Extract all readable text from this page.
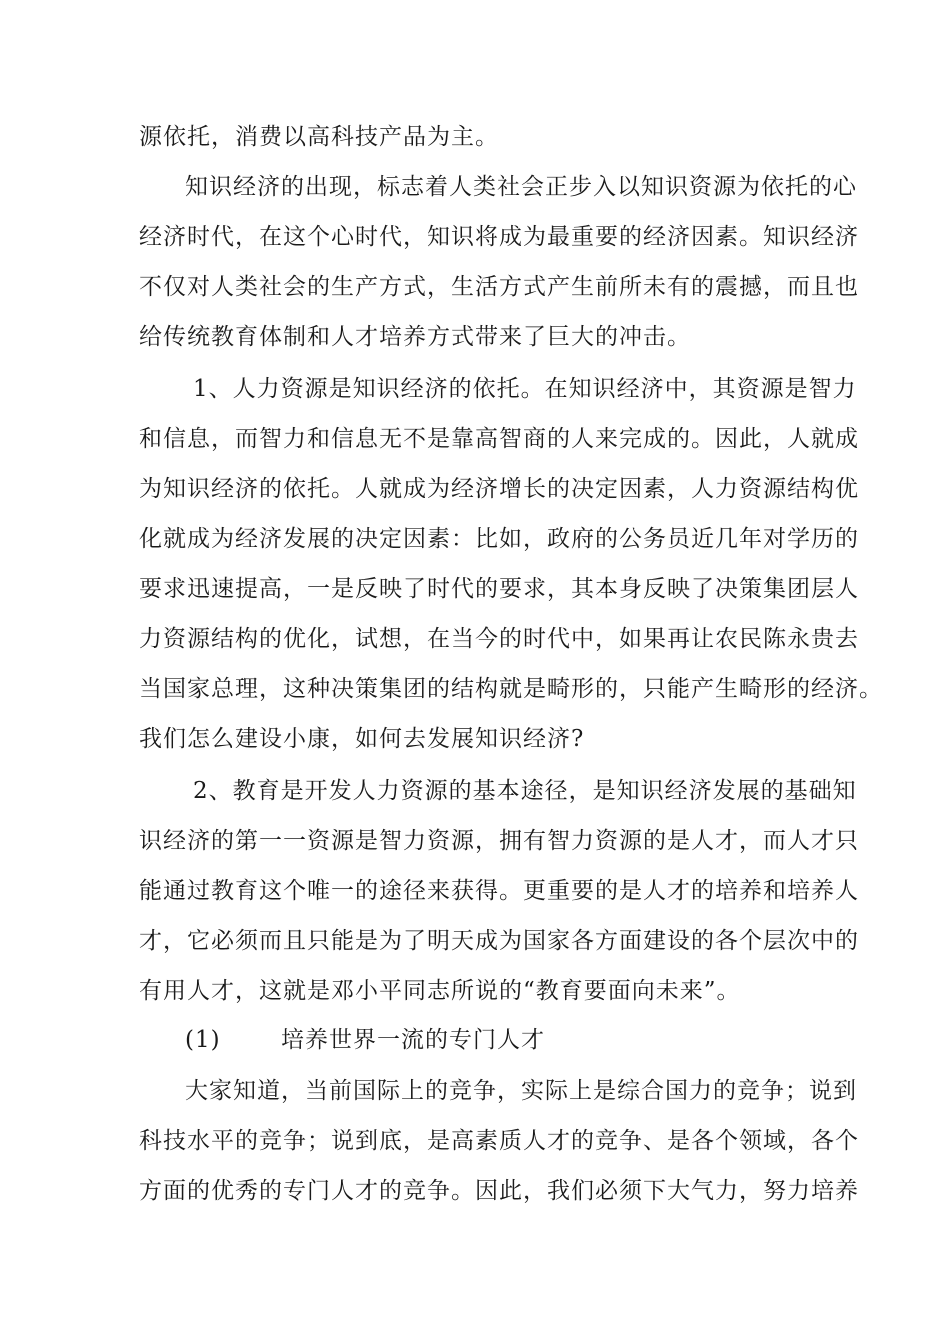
源依托，消费以高科技产品为主。
知识经济的出现，标志着人类社会正步入以知识资源为依托的心
经济时代，在这个心时代，知识将成为最重要的经济因素。知识经济
不仅对人类社会的生产方式，生活方式产生前所未有的震撼，而且也
给传统教育体制和人才培养方式带来了巨大的冲击。
1、人力资源是知识经济的依托。在知识经济中，其资源是智力
和信息，而智力和信息无不是靠高智商的人来完成的。因此，人就成
为知识经济的依托。人就成为经济增长的决定因素，人力资源结构优
化就成为经济发展的决定因素：比如，政府的公务员近几年对学历的
要求迅速提高，一是反映了时代的要求，其本身反映了决策集团层人
力资源结构的优化，试想，在当今的时代中，如果再让农民陈永贵去
当国家总理，这种决策集团的结构就是畸形的，只能产生畸形的经济。
我们怎么建设小康，如何去发展知识经济?
2、教育是开发人力资源的基本途径，是知识经济发展的基础知
识经济的第一一资源是智力资源，拥有智力资源的是人才，而人才只
能通过教育这个唯一的途径来获得。更重要的是人才的培养和培养人
才，它必须而且只能是为了明天成为国家各方面建设的各个层次中的
有用人才，这就是邓小平同志所说的“教育要面向未来”。
(1)	培养世界一流的专门人才
大家知道，当前国际上的竞争，实际上是综合国力的竞争；说到
科技水平的竞争；说到底，是高素质人才的竞争、是各个领域，各个
方面的优秀的专门人才的竞争。因此，我们必须下大气力，努力培养
